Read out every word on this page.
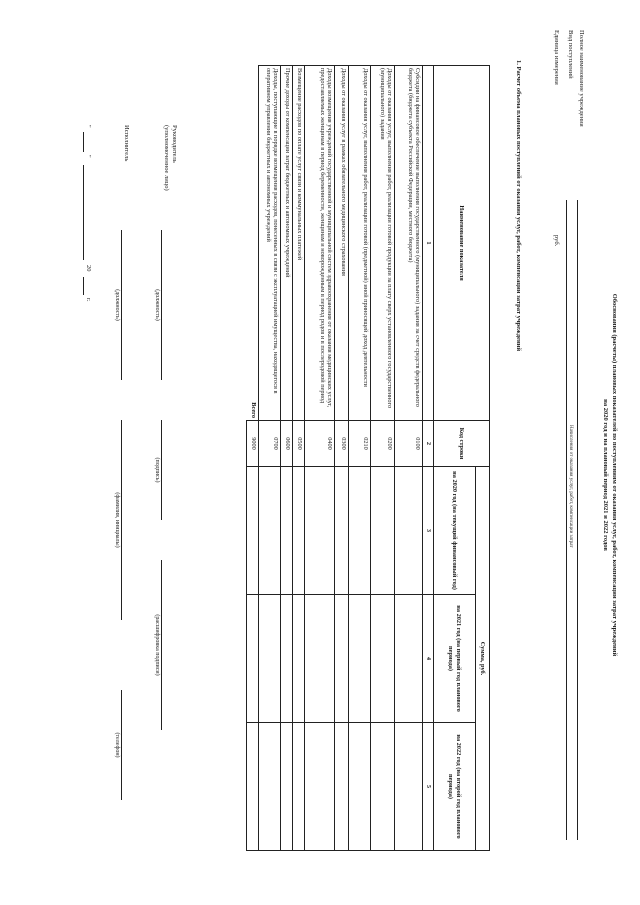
Обоснования (расчеты) плановых показателей по поступлениям от оказания услуг, работ, компенсации затрат учреждений
на 2020 год и на плановый период 2021 и 2022 годов
Полное наименование учреждения
Вид поступлений
Начисления от оказания услуг, работ, компенсации затрат
Единица измерения
руб.
1. Расчет объема плановых поступлений от оказания услуг, работ, компенсации затрат учреждений
Наименование показателя	Код строки	Сумма, руб.		
		на 2020 год (на текущий финансовый год)	на 2021 год (на первый год планового периода)	на 2022 год (на второй год планового периода)
1	2	3	4	5
Субсидии на финансовое обеспечение выполнения государственного (муниципального) задания за счет средств федерального бюджета (бюджета субъекта Российской Федерации, местного бюджета)	0100			
Доходы от оказания услуг, выполнения работ, реализации готовой продукции за плату сверх установленного государственного (муниципального) задания	0200			
Доходы от оказания услуг, выполнения работ, реализации готовой (предметной) иной приносящей доход деятельности	0210			
Доходы от оказания услуг в рамках обязательного медицинского страхования	0300			
Доходы возмещения учреждений государственной и муниципальной систем здравоохранения от оказания медицинских услуг, предоставляемых женщинам в период беременности, женщинам и новорожденным в период родов и в послеродовой период	0400			
Возмещение расходов по оплате услуг связи и коммунальных платежей	0500			
Прочие доходы от компенсации затрат бюджетных и автономных учреждений	0600			
Доходы, поступающие в порядке возмещения расходов, понесенных в связи с эксплуатацией имущества, находящегося в оперативном управлении бюджетных и автономных учреждений	0700			
Всего	9000			
Руководитель
(уполномоченное лицо)
(должность)
(подпись)
(расшифровка подписи)
Исполнитель
(должность)
(фамилия, инициалы)
(телефон)
"
"
20
г.
